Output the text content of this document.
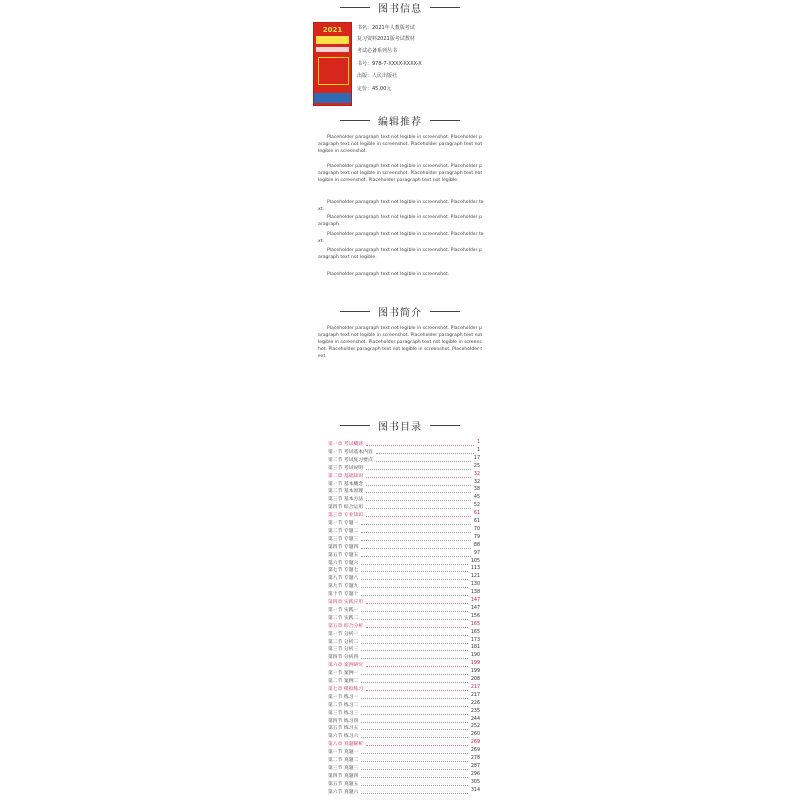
图书信息
2021	书名：2021年人教版考试
复习资料2021版考试教材
考试必备系列丛书
书号：978-7-XXXX-XXXX-X
出版：人民出版社
定价：45.00元
编辑推荐
Placeholder paragraph text not legible in screenshot. Placeholder paragraph text not legible in screenshot. Placeholder paragraph text not legible in screenshot.
Placeholder paragraph text not legible in screenshot. Placeholder paragraph text not legible in screenshot. Placeholder paragraph text not legible in screenshot. Placeholder paragraph text not legible.
Placeholder paragraph text not legible in screenshot. Placeholder text.
Placeholder paragraph text not legible in screenshot. Placeholder paragraph.
Placeholder paragraph text not legible in screenshot. Placeholder text.
Placeholder paragraph text not legible in screenshot. Placeholder paragraph text not legible.
Placeholder paragraph text not legible in screenshot.
图书简介
Placeholder paragraph text not legible in screenshot. Placeholder paragraph text not legible in screenshot. Placeholder paragraph text not legible in screenshot. Placeholder paragraph text not legible in screenshot. Placeholder paragraph text not legible in screenshot. Placeholder text.
图书目录
第一章 考试概述	1
第一节 考试基本内容	1
第二节 考试复习要点	17
第三节 考试说明	25
第二章 基础知识	32
第一节 基本概念	32
第二节 基本原理	38
第三节 基本方法	45
第四节 综合运用	52
第三章 专业知识	61
第一节 专题一	61
第二节 专题二	70
第三节 专题三	79
第四节 专题四	88
第五节 专题五	97
第六节 专题六	105
第七节 专题七	113
第八节 专题八	121
第九节 专题九	130
第十节 专题十	138
第四章 实践应用	147
第一节 实践一	147
第二节 实践二	156
第五章 综合分析	165
第一节 分析一	165
第二节 分析二	173
第三节 分析三	181
第四节 分析四	190
第六章 案例研究	199
第一节 案例一	199
第二节 案例二	208
第七章 模拟练习	217
第一节 练习一	217
第二节 练习二	226
第三节 练习三	235
第四节 练习四	244
第五节 练习五	252
第六节 练习六	260
第八章 真题解析	269
第一节 真题一	269
第二节 真题二	278
第三节 真题三	287
第四节 真题四	296
第五节 真题五	305
第六节 真题六	314
